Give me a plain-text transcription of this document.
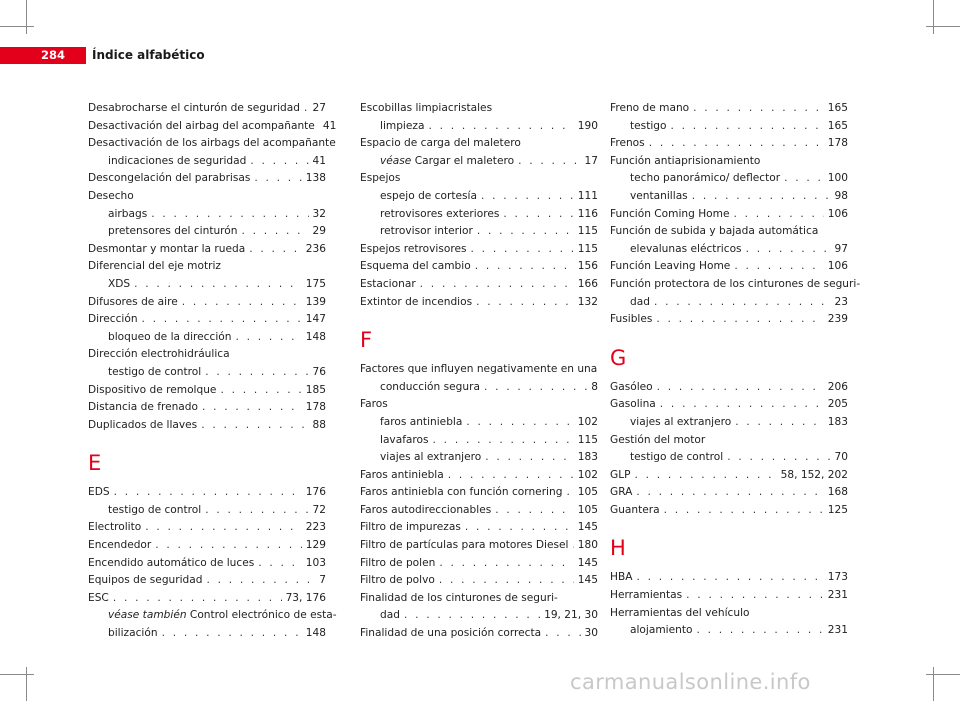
284	Índice alfabético
Desabrocharse el cinturón de seguridad . . . 27
Desactivación del airbag del acompañante 41
Desactivación de los airbags del acompañante
indicaciones de seguridad . . .	41
Descongelación del parabrisas . . .	138
Desecho
airbags . . .	32
pretensores del cinturón . . .	29
Desmontar y montar la rueda . . .	236
Diferencial del eje motriz
XDS . . .	175
Difusores de aire . . .	139
Dirección . . .	147
bloqueo de la dirección . . .	148
Dirección electrohidráulica
testigo de control . . .	76
Dispositivo de remolque . . .	185
Distancia de frenado . . .	178
Duplicados de llaves . . .	88
E
EDS . . .	176
testigo de control . . .	72
Electrolito . . .	223
Encendedor . . .	129
Encendido automático de luces . . .	103
Equipos de seguridad . . .	7
ESC . . .	73, 176
véase también Control electrónico de esta-
bilización . . .	148
Escobillas limpiacristales
limpieza . . .	190
Espacio de carga del maletero
véase Cargar el maletero . . .	17
Espejos
espejo de cortesía . . .	111
retrovisores exteriores . . .	116
retrovisor interior . . .	115
Espejos retrovisores . . .	115
Esquema del cambio . . .	156
Estacionar . . .	166
Extintor de incendios . . .	132
F
Factores que influyen negativamente en una
conducción segura . . .	8
Faros
faros antiniebla . . .	102
lavafaros . . .	115
viajes al extranjero . . .	183
Faros antiniebla . . .	102
Faros antiniebla con función cornering . . . 105
Faros autodireccionables . . .	105
Filtro de impurezas . . .	145
Filtro de partículas para motores Diesel . . . 180
Filtro de polen . . .	145
Filtro de polvo . . .	145
Finalidad de los cinturones de seguri-
dad . . .	19, 21, 30
Finalidad de una posición correcta . . .	30
Freno de mano . . .	165
testigo . . .	165
Frenos . . .	178
Función antiaprisionamiento
techo panorámico/ deflector . . .	100
ventanillas . . .	98
Función Coming Home . . .	106
Función de subida y bajada automática
elevalunas eléctricos . . .	97
Función Leaving Home . . .	106
Función protectora de los cinturones de seguri-
dad . . .	23
Fusibles . . .	239
G
Gasóleo . . .	206
Gasolina . . .	205
viajes al extranjero . . .	183
Gestión del motor
testigo de control . . .	70
GLP . . .	58, 152, 202
GRA . . .	168
Guantera . . .	125
H
HBA . . .	173
Herramientas . . .	231
Herramientas del vehículo
alojamiento . . .	231
carmanualsonline.info
